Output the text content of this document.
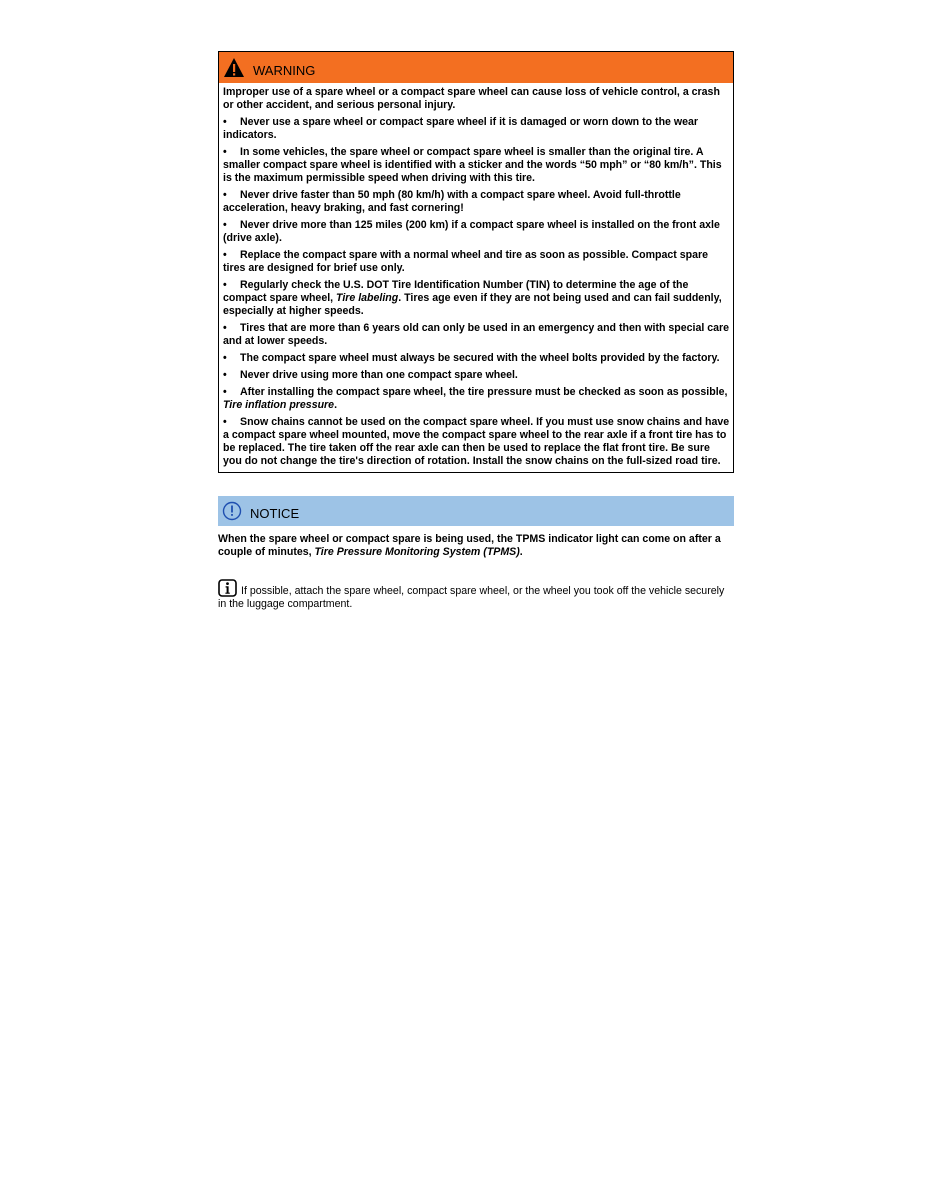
WARNING

Improper use of a spare wheel or a compact spare wheel can cause loss of vehicle control, a crash or other accident, and serious personal injury.

• Never use a spare wheel or compact spare wheel if it is damaged or worn down to the wear indicators.

• In some vehicles, the spare wheel or compact spare wheel is smaller than the original tire. A smaller compact spare wheel is identified with a sticker and the words “50 mph” or “80 km/h”. This is the maximum permissible speed when driving with this tire.

• Never drive faster than 50 mph (80 km/h) with a compact spare wheel. Avoid full-throttle acceleration, heavy braking, and fast cornering!

• Never drive more than 125 miles (200 km) if a compact spare wheel is installed on the front axle (drive axle).

• Replace the compact spare with a normal wheel and tire as soon as possible. Compact spare tires are designed for brief use only.

• Regularly check the U.S. DOT Tire Identification Number (TIN) to determine the age of the compact spare wheel, Tire labeling. Tires age even if they are not being used and can fail suddenly, especially at higher speeds.

• Tires that are more than 6 years old can only be used in an emergency and then with special care and at lower speeds.

• The compact spare wheel must always be secured with the wheel bolts provided by the factory.

• Never drive using more than one compact spare wheel.

• After installing the compact spare wheel, the tire pressure must be checked as soon as possible, Tire inflation pressure.

• Snow chains cannot be used on the compact spare wheel. If you must use snow chains and have a compact spare wheel mounted, move the compact spare wheel to the rear axle if a front tire has to be replaced. The tire taken off the rear axle can then be used to replace the flat front tire. Be sure you do not change the tire's direction of rotation. Install the snow chains on the full-sized road tire.

NOTICE
When the spare wheel or compact spare is being used, the TPMS indicator light can come on after a couple of minutes, Tire Pressure Monitoring System (TPMS).
If possible, attach the spare wheel, compact spare wheel, or the wheel you took off the vehicle securely in the luggage compartment.
